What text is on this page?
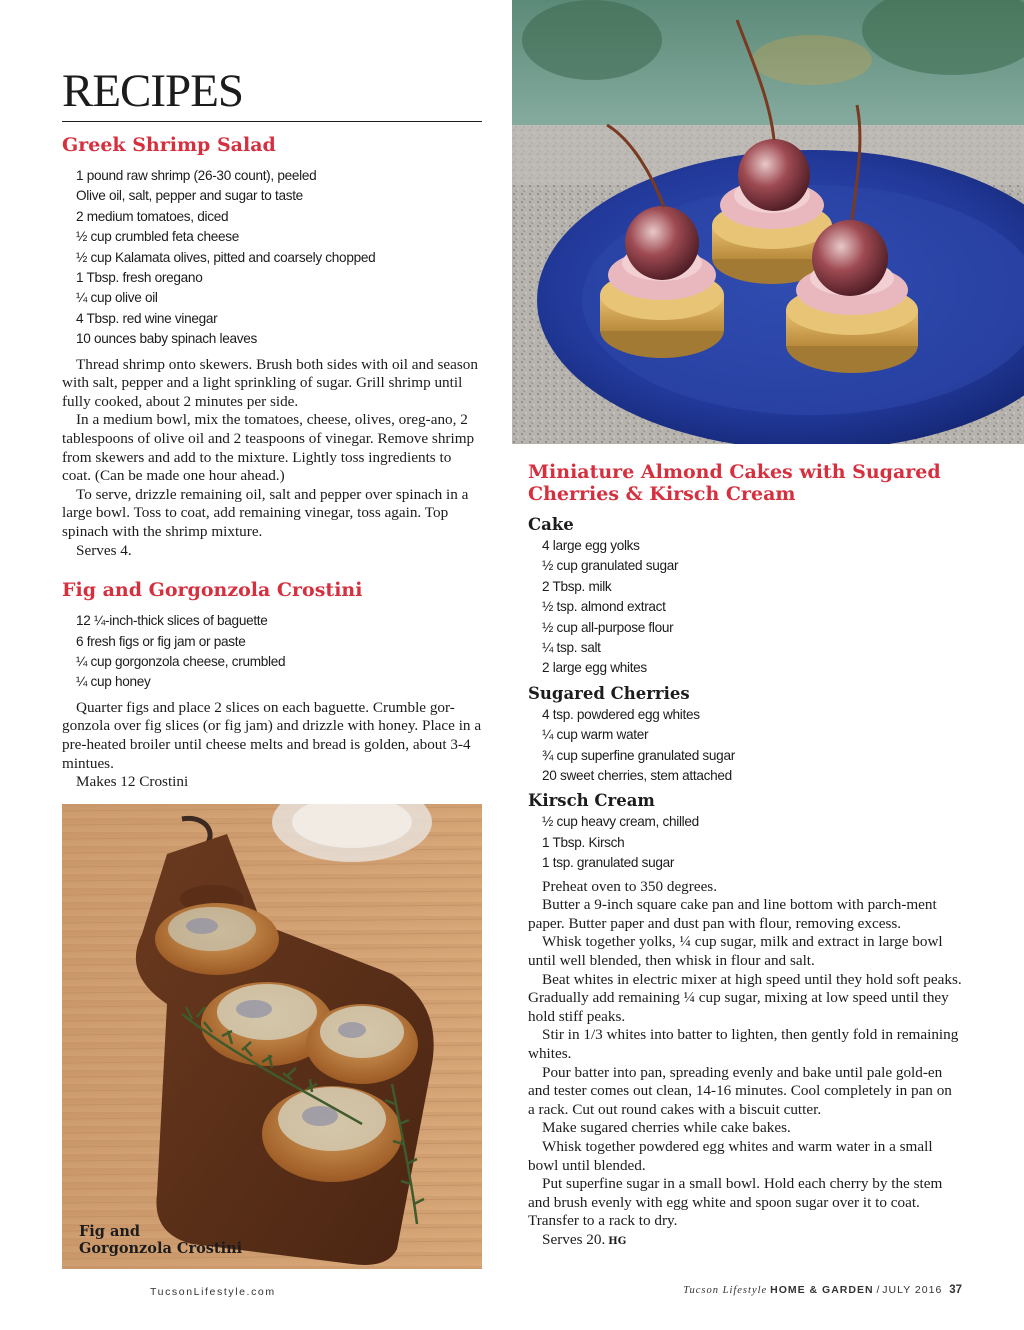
RECIPES
Greek Shrimp Salad
1 pound raw shrimp (26-30 count), peeled
Olive oil, salt, pepper and sugar to taste
2 medium tomatoes, diced
½ cup crumbled feta cheese
½ cup Kalamata olives, pitted and coarsely chopped
1 Tbsp. fresh oregano
¼ cup olive oil
4 Tbsp. red wine vinegar
10 ounces baby spinach leaves

Thread shrimp onto skewers. Brush both sides with oil and season with salt, pepper and a light sprinkling of sugar. Grill shrimp until fully cooked, about 2 minutes per side.

In a medium bowl, mix the tomatoes, cheese, olives, oreg-ano, 2 tablespoons of olive oil and 2 teaspoons of vinegar. Remove shrimp from skewers and add to the mixture. Lightly toss ingredients to coat. (Can be made one hour ahead.)

To serve, drizzle remaining oil, salt and pepper over spinach in a large bowl. Toss to coat, add remaining vinegar, toss again. Top spinach with the shrimp mixture.

Serves 4.

Fig and Gorgonzola Crostini
12 ¼-inch-thick slices of baguette
6 fresh figs or fig jam or paste
¼ cup gorgonzola cheese, crumbled
¼ cup honey

Quarter figs and place 2 slices on each baguette. Crumble gor-gonzola over fig slices (or fig jam) and drizzle with honey. Place in a pre-heated broiler until cheese melts and bread is golden, about 3-4 mintues.

Makes 12 Crostini

Fig and
Gorgonzola Crostini
Miniature Almond Cakes with Sugared Cherries & Kirsch Cream
Cake
4 large egg yolks
½ cup granulated sugar
2 Tbsp. milk
½ tsp. almond extract
½ cup all-purpose flour
¼ tsp. salt
2 large egg whites
Sugared Cherries
4 tsp. powdered egg whites
¼ cup warm water
¾ cup superfine granulated sugar
20 sweet cherries, stem attached
Kirsch Cream
½ cup heavy cream, chilled
1 Tbsp. Kirsch
1 tsp. granulated sugar

Preheat oven to 350 degrees.

Butter a 9-inch square cake pan and line bottom with parch-ment paper. Butter paper and dust pan with flour, removing excess.

Whisk together yolks, ¼ cup sugar, milk and extract in large bowl until well blended, then whisk in flour and salt.

Beat whites in electric mixer at high speed until they hold soft peaks. Gradually add remaining ¼ cup sugar, mixing at low speed until they hold stiff peaks.

Stir in 1/3 whites into batter to lighten, then gently fold in remaining whites.

Pour batter into pan, spreading evenly and bake until pale gold-en and tester comes out clean, 14-16 minutes. Cool completely in pan on a rack. Cut out round cakes with a biscuit cutter.

Make sugared cherries while cake bakes.

Whisk together powdered egg whites and warm water in a small bowl until blended.

Put superfine sugar in a small bowl. Hold each cherry by the stem and brush evenly with egg white and spoon sugar over it to coat. Transfer to a rack to dry.

Serves 20. HG

TucsonLifestyle.com	Tucson Lifestyle HOME & GARDEN / JULY 2016 37
